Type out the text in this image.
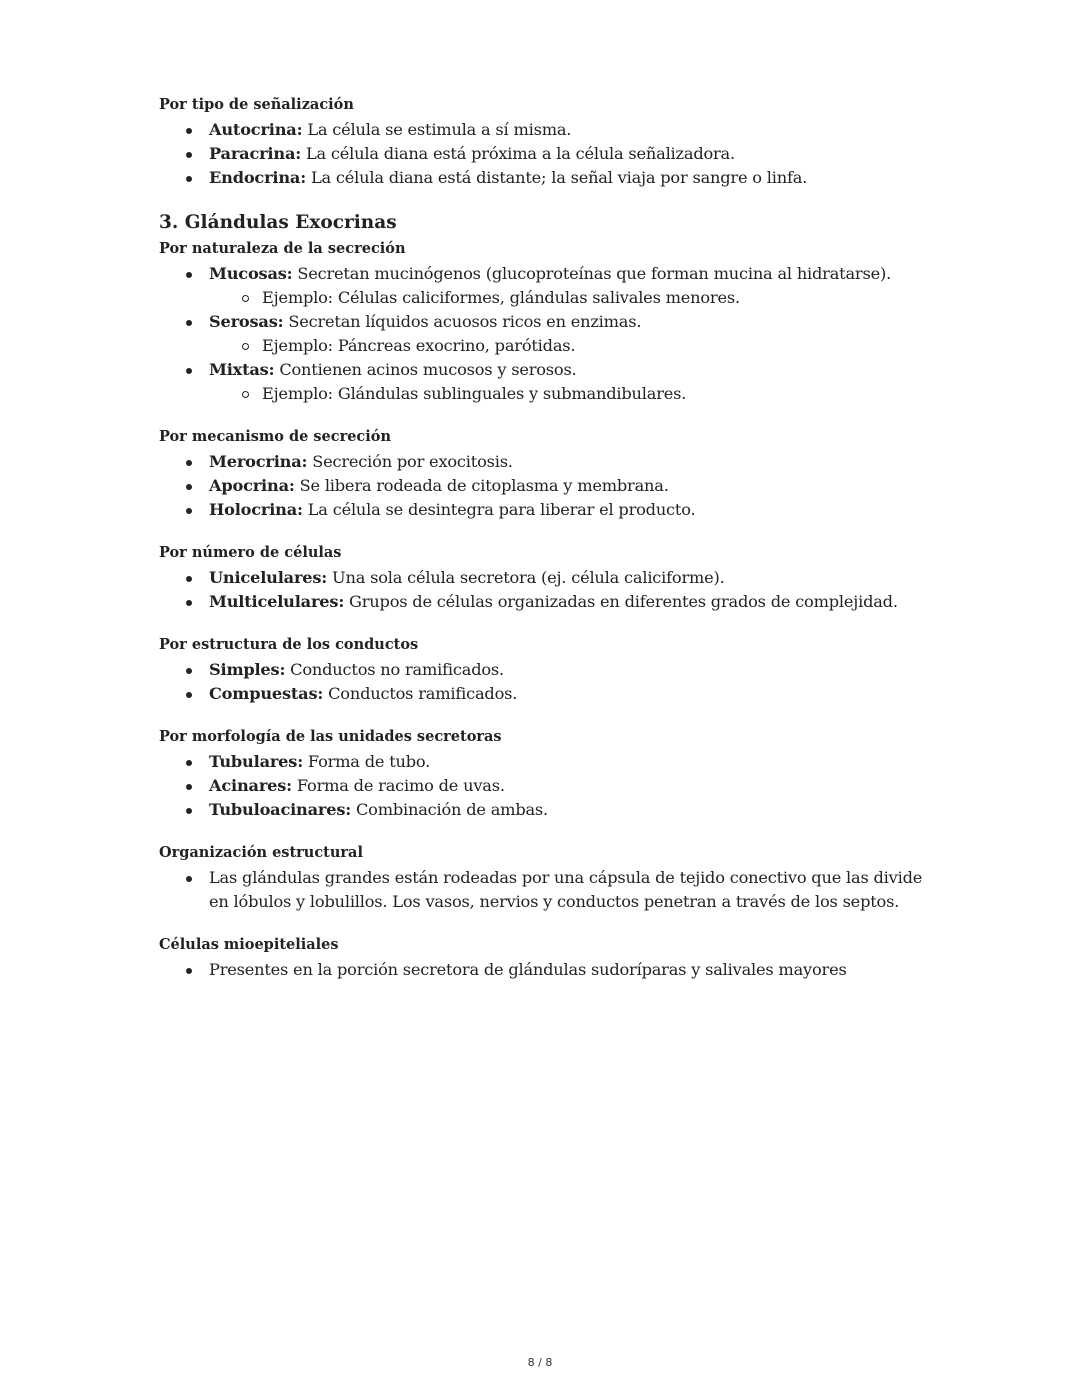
Por tipo de señalización

Autocrina: La célula se estimula a sí misma.
Paracrina: La célula diana está próxima a la célula señalizadora.
Endocrina: La célula diana está distante; la señal viaja por sangre o linfa.

3. Glándulas Exocrinas

Por naturaleza de la secreción

Mucosas: Secretan mucinógenos (glucoproteínas que forman mucina al hidratarse).
Ejemplo: Células caliciformes, glándulas salivales menores.
Serosas: Secretan líquidos acuosos ricos en enzimas.
Ejemplo: Páncreas exocrino, parótidas.
Mixtas: Contienen acinos mucosos y serosos.
Ejemplo: Glándulas sublinguales y submandibulares.

Por mecanismo de secreción

Merocrina: Secreción por exocitosis.
Apocrina: Se libera rodeada de citoplasma y membrana.
Holocrina: La célula se desintegra para liberar el producto.

Por número de células

Unicelulares: Una sola célula secretora (ej. célula caliciforme).
Multicelulares: Grupos de células organizadas en diferentes grados de complejidad.

Por estructura de los conductos

Simples: Conductos no ramificados.
Compuestas: Conductos ramificados.

Por morfología de las unidades secretoras

Tubulares: Forma de tubo.
Acinares: Forma de racimo de uvas.
Tubuloacinares: Combinación de ambas.

Organización estructural

Las glándulas grandes están rodeadas por una cápsula de tejido conectivo que las divide en lóbulos y lobulillos. Los vasos, nervios y conductos penetran a través de los septos.

Células mioepiteliales

Presentes en la porción secretora de glándulas sudoríparas y salivales mayores
8 / 8
